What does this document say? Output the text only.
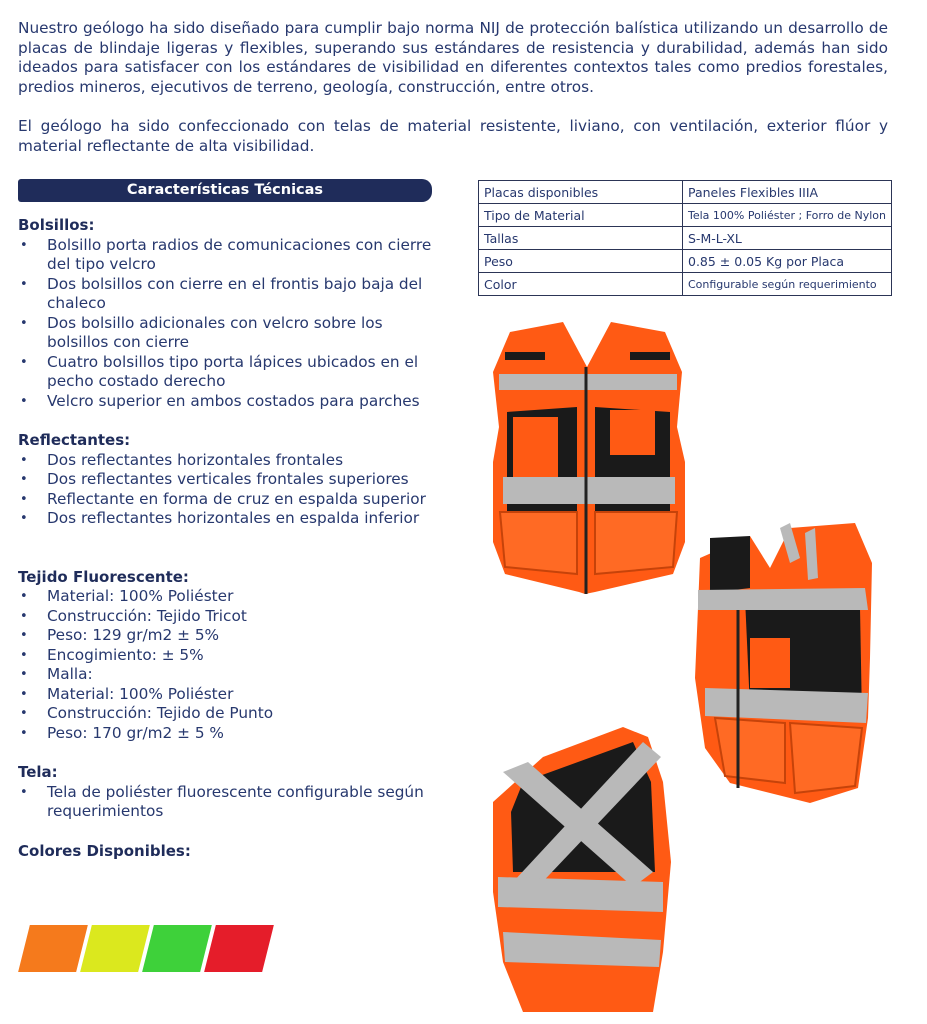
Nuestro geólogo ha sido diseñado para cumplir bajo norma NIJ de protección balística utilizando un desarrollo de placas de blindaje ligeras y flexibles, superando sus estándares de resistencia y durabilidad, además han sido ideados para satisfacer con los estándares de visibilidad en diferentes contextos tales como predios forestales, predios mineros, ejecutivos de terreno, geología, construcción, entre otros.

El geólogo ha sido confeccionado con telas de material resistente, liviano, con ventilación, exterior flúor y material reflectante de alta visibilidad.

Características Técnicas
Bolsillos:
• Bolsillo porta radios de comunicaciones con cierre del tipo velcro
• Dos bolsillos con cierre en el frontis bajo baja del chaleco
• Dos bolsillo adicionales con velcro sobre los bolsillos con cierre
• Cuatro bolsillos tipo porta lápices ubicados en el pecho costado derecho
• Velcro superior en ambos costados para parches
Reflectantes:
• Dos reflectantes horizontales frontales
• Dos reflectantes verticales frontales superiores
• Reflectante en forma de cruz en espalda superior
• Dos reflectantes horizontales en espalda inferior
Tejido Fluorescente:
• Material: 100% Poliéster
• Construcción: Tejido Tricot
• Peso: 129 gr/m2 ± 5%
• Encogimiento: ± 5%
• Malla:
• Material: 100% Poliéster
• Construcción: Tejido de Punto
• Peso: 170 gr/m2 ± 5 %
Tela:
• Tela de poliéster fluorescente configurable según requerimientos
Colores Disponibles:
Placas disponibles	Paneles Flexibles IIIA
Tipo de Material	Tela 100% Poliéster ; Forro de Nylon
Tallas	S-M-L-XL
Peso	0.85 ± 0.05 Kg por Placa
Color	Configurable según requerimiento
